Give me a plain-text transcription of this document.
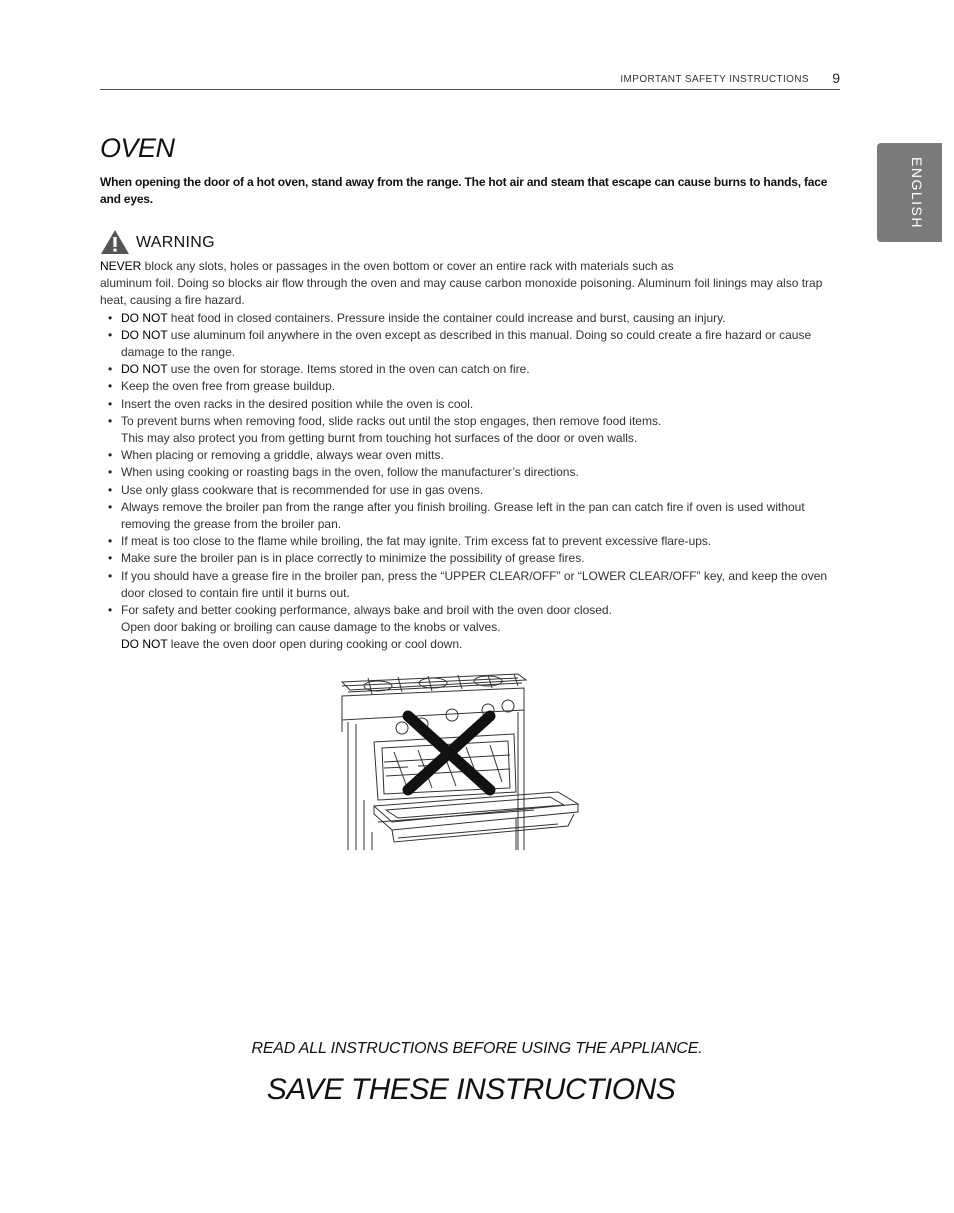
IMPORTANT SAFETY INSTRUCTIONS 9
ENGLISH
OVEN

When opening the door of a hot oven, stand away from the range. The hot air and steam that escape can cause burns to hands, face and eyes.

WARNING

NEVER block any slots, holes or passages in the oven bottom or cover an entire rack with materials such as
aluminum foil. Doing so blocks air flow through the oven and may cause carbon monoxide poisoning. Aluminum foil linings may also trap heat, causing a fire hazard.

• DO NOT heat food in closed containers. Pressure inside the container could increase and burst, causing an injury.
• DO NOT use aluminum foil anywhere in the oven except as described in this manual. Doing so could create a fire hazard or cause damage to the range.
• DO NOT use the oven for storage. Items stored in the oven can catch on fire.
• Keep the oven free from grease buildup.
• Insert the oven racks in the desired position while the oven is cool.
• To prevent burns when removing food, slide racks out until the stop engages, then remove food items.
This may also protect you from getting burnt from touching hot surfaces of the door or oven walls.
• When placing or removing a griddle, always wear oven mitts.
• When using cooking or roasting bags in the oven, follow the manufacturer’s directions.
• Use only glass cookware that is recommended for use in gas ovens.
• Always remove the broiler pan from the range after you finish broiling. Grease left in the pan can catch fire if oven is used without removing the grease from the broiler pan.
• If meat is too close to the flame while broiling, the fat may ignite. Trim excess fat to prevent excessive flare-ups.
• Make sure the broiler pan is in place correctly to minimize the possibility of grease fires.
• If you should have a grease fire in the broiler pan, press the “UPPER CLEAR/OFF” or “LOWER CLEAR/OFF” key, and keep the oven door closed to contain fire until it burns out.
• For safety and better cooking performance, always bake and broil with the oven door closed.
Open door baking or broiling can cause damage to the knobs or valves.
DO NOT leave the oven door open during cooking or cool down.
READ ALL INSTRUCTIONS BEFORE USING THE APPLIANCE.
SAVE THESE INSTRUCTIONS
